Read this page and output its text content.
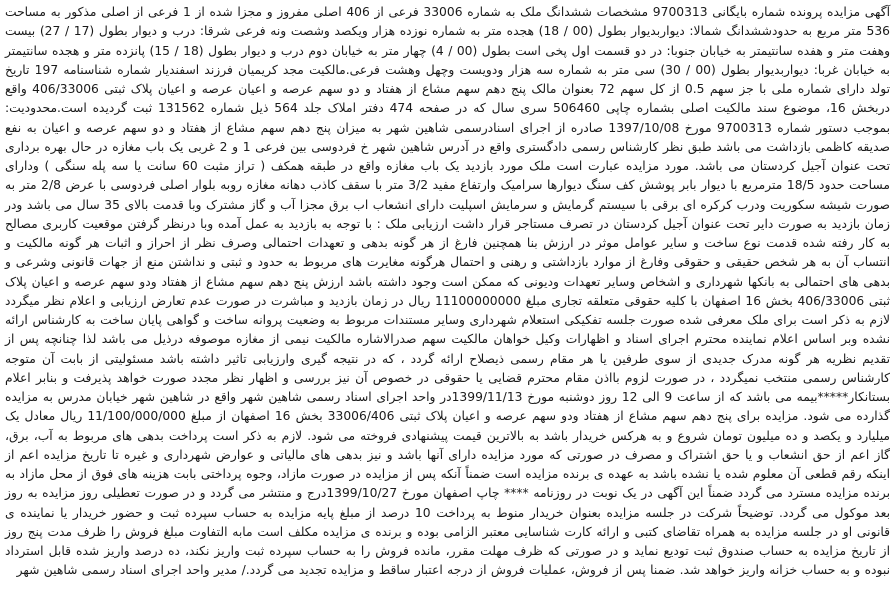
آگهی مزایده پرونده شماره بایگانی 9700313 مشخصات ششدانگ ملک به شماره 33006 فرعی از 406 اصلی مفروز و مجزا شده از 1 فرعی از اصلی مذکور به مساحت 536 متر مربع به حدودششدانگ شمالا: دیواربدیوار بطول (00 / 18) هجده متر به شماره نوزده هزار ویکصد وشصت ونه فرعی شرقا: درب و دیوار بطول (17 / 27) بیست وهفت متر و هفده سانتیمتر به خیابان جنوبا: در دو قسمت اول پخی است بطول (00 / 4) چهار متر به خیابان دوم درب و دیوار بطول (18 / 15) پانزده متر و هجده سانتیمتر به خیابان غربا: دیواربدیوار بطول (00 / 30) سی متر به شماره سه هزار ودویست وچهل وهشت فرعی.مالکیت مجد کریمیان فرزند اسفندیار شماره شناسنامه 197 تاریخ تولد دارای شماره ملی با جز سهم 0.5 از کل سهم 72 بعنوان مالک پنج دهم سهم مشاع از هفتاد و دو سهم عرصه و اعیان عرصه و اعیان پلاک ثبتی 406/33006 واقع دربخش 16، موضوع سند مالکیت اصلی بشماره چاپی 506460 سری سال که در صفحه 474 دفتر املاک جلد 564 ذیل شماره 131562 ثبت گردیده است.محدودیت: بموجب دستور شماره 9700313 مورخ 1397/10/08 صادره از اجرای اسنادرسمی شاهین شهر به میزان پنج دهم سهم مشاع از هفتاد و دو سهم عرصه و اعیان به نفع صدیقه کاظمی بازداشت می باشد طبق نظر کارشناس رسمی دادگستری واقع در آدرس شاهین شهر خ فردوسی بین فرعی 1 و 2 غربی یک باب مغازه در حال بهره برداری تحت عنوان آجیل کردستان می باشد. مورد مزایده عبارت است ملک مورد بازدید یک باب مغازه واقع در طبقه همکف ( تراز مثبت 60 سانت یا سه پله سنگی ) ودارای مساحت حدود 18/5 مترمربع با دیوار بابر پوشش کف سنگ دیوارها سرامیک وارتفاع مفید 3/2 متر با سقف کاذب دهانه مغازه روبه بلوار اصلی فردوسی با عرض 2/8 متر به صورت شیشه سکوریت ودرب کرکره ای برقی با سیستم گرمایش و سرمایش اسپلیت دارای انشعاب اب برق مجزا آب و گاز مشترک وبا قدمت بالای 35 سال می باشد ودر زمان بازدید به صورت دایر تحت عنوان آجیل کردستان در تصرف مستاجر قرار داشت ارزیابی ملک : با توجه به بازدید به عمل آمده وبا درنظر گرفتن موقعیت کاربری مصالح به کار رفته شده قدمت نوع ساخت و سایر عوامل موثر در ارزش بنا همچنین فارغ از هر گونه بدهی و تعهدات احتمالی وصرف نظر از احراز و اثبات هر گونه مالکیت و انتساب آن به هر شخص حقیقی و حقوقی وفارغ از موارد بازداشتی و رهنی و احتمال هرگونه مغایرت های مربوط به حدود و ثبتی و نداشتن منع از جهات قانونی وشرعی و بدهی های احتمالی به بانکها شهرداری و اشخاص وسایر تعهدات ودیونی که ممکن است وجود داشته باشد ارزش پنج دهم سهم مشاع از هفتاد ودو سهم عرصه و اعیان پلاک ثبتی 406/33006 بخش 16 اصفهان با کلیه حقوقی متعلقه تجاری مبلغ 11100000000 ریال در زمان بازدید و مباشرت در صورت عدم تعارض ارزیابی و اعلام نظر میگردد لازم به ذکر است برای ملک معرفی شده صورت جلسه تفکیکی استعلام شهرداری وسایر مستندات مربوط به وضعیت پروانه ساخت و گواهی پایان ساخت به کارشناس ارائه نشده وبر اساس اعلام نماینده محترم اجرای اسناد و اظهارات وکیل خواهان مالکیت سهم صدرالاشاره مالکیت نیمی از مغازه موصوفه درذیل می باشد لذا چنانچه پس از تقدیم نظریه هر گونه مدرک جدیدی از سوی طرفین یا هر مقام رسمی ذیصلاح ارائه گردد ، که در نتیجه گیری وارزیابی تاثیر داشته باشد مسئولیتی از بابت آن متوجه کارشناس رسمی منتخب نمیگردد ، در صورت لزوم بااذن مقام محترم قضایی یا حقوقی در خصوص آن نیز بررسی و اظهار نظر مجدد صورت خواهد پذیرفت و بنابر اعلام بستانکار*****بیمه می باشد که از ساعت 9 الی 12 روز دوشنبه مورخ 1399/11/13در واحد اجرای اسناد رسمی شاهین شهر واقع در شاهین شهر خیابان مدرس به مزایده گذارده می شود. مزایده برای پنج دهم سهم مشاع از هفتاد ودو سهم عرصه و اعیان پلاک ثبتی 33006/406 بخش 16 اصفهان از مبلغ 11/100/000/000 ریال معادل یک میلیارد و یکصد و ده میلیون تومان شروع و به هرکس خریدار باشد به بالاترین قیمت پیشنهادی فروخته می شود. لازم به ذکر است پرداخت بدهی های مربوط به آب، برق، گاز اعم از حق انشعاب و یا حق اشتراک و مصرف در صورتی که مورد مزایده دارای آنها باشد و نیز بدهی های مالیاتی و عوارض شهرداری و غیره تا تاریخ مزایده اعم از اینکه رقم قطعی آن معلوم شده یا نشده باشد به عهده ی برنده مزایده است ضمناً آنکه پس از مزایده در صورت مازاد، وجوه پرداختی بابت هزینه های فوق از محل مازاد به برنده مزایده مسترد می گردد ضمناً این آگهی در یک نوبت در روزنامه **** چاپ اصفهان مورخ 1399/10/27درج و منتشر می گردد و در صورت تعطیلی روز مزایده به روز بعد موکول می گردد. توضیحاً شرکت در جلسه مزایده بعنوان خریدار منوط به پرداخت 10 درصد از مبلغ پایه مزایده به حساب سپرده ثبت و حضور خریدار یا نماینده ی قانونی او در جلسه مزایده به همراه تقاضای کتبی و ارائه کارت شناسایی معتبر الزامی بوده و برنده ی مزایده مکلف است مابه التفاوت مبلغ فروش را ظرف مدت پنج روز از تاریخ مزایده به حساب صندوق ثبت تودیع نماید و در صورتی که ظرف مهلت مقرر، مانده فروش را به حساب سپرده ثبت واریز نکند، ده درصد واریز شده قابل استرداد نبوده و به حساب خزانه واریز خواهد شد. ضمنا پس از فروش، عملیات فروش از درجه اعتبار ساقط و مزایده تجدید می گردد./ مدیر واحد اجرای اسناد رسمی شاهین شهر
